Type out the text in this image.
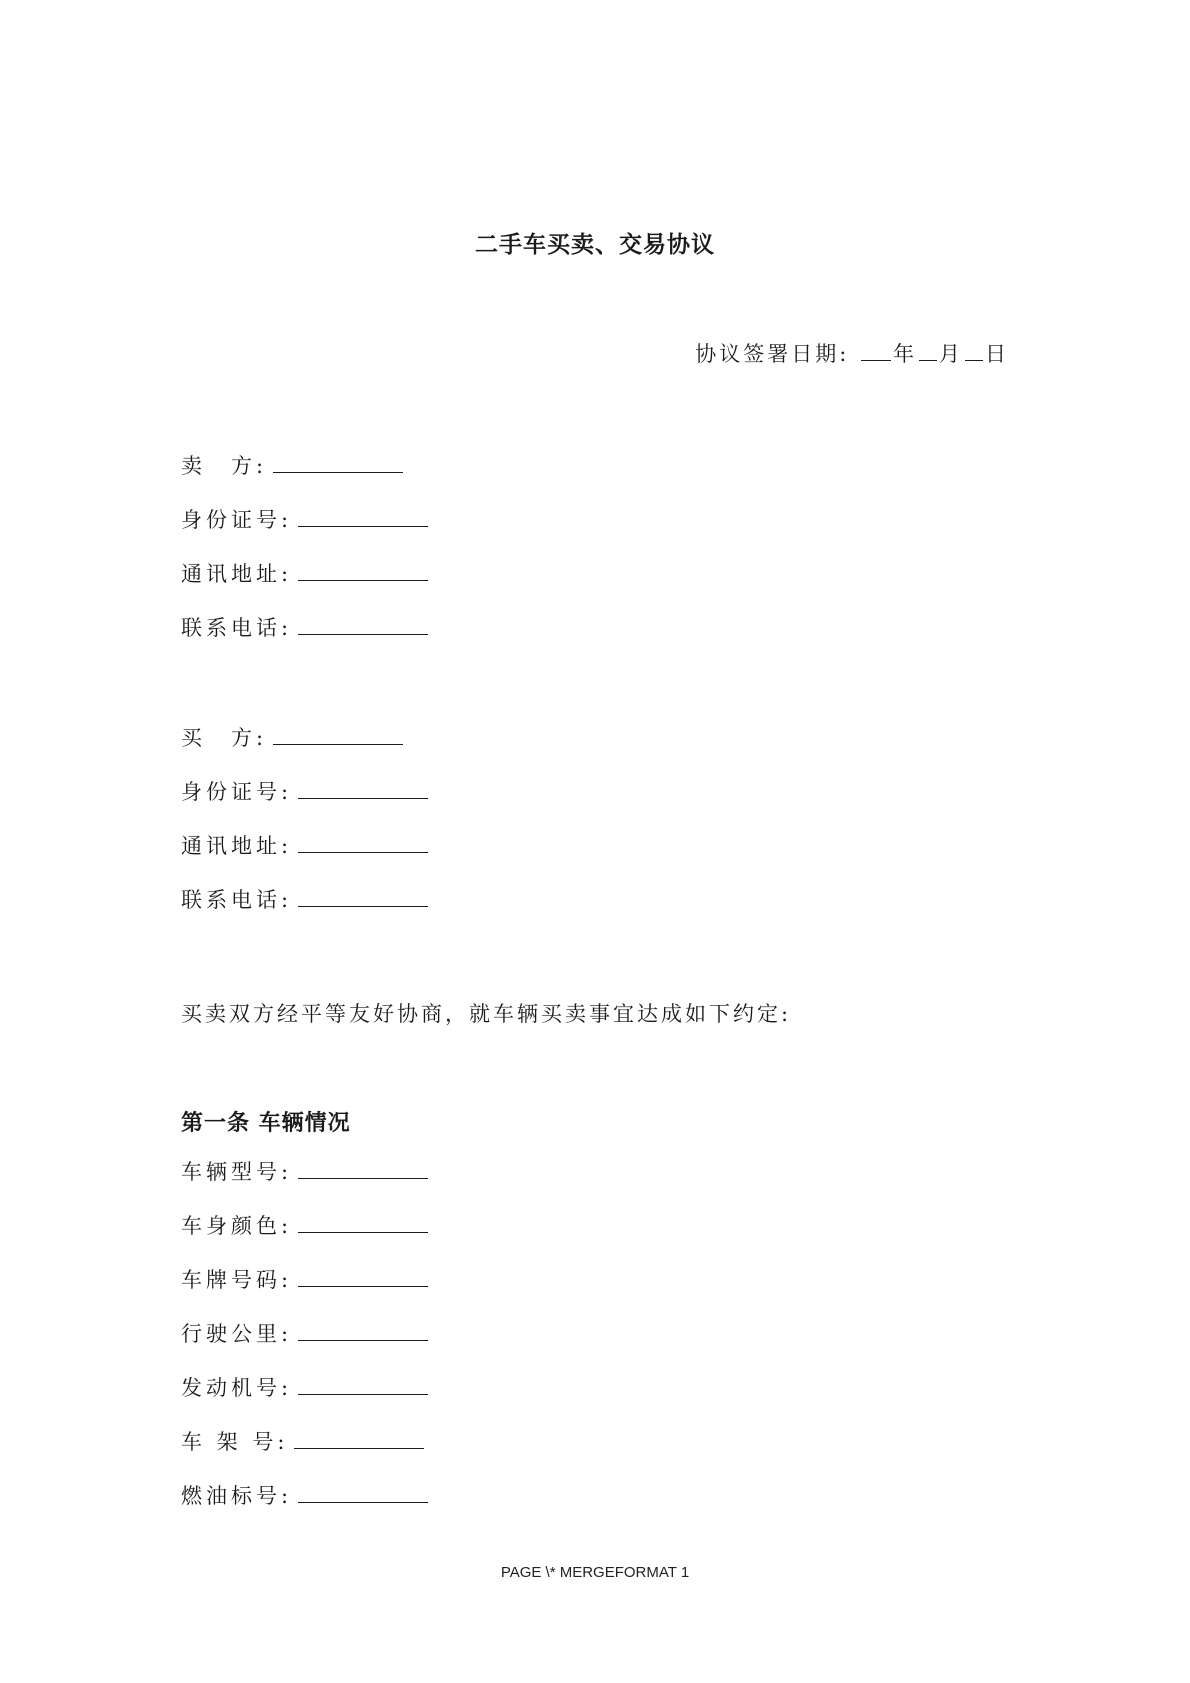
二手车买卖、交易协议
协议签署日期: 年 月 日
卖　方:
身份证号:
通讯地址:
联系电话:
买　方:
身份证号:
通讯地址:
联系电话:
买卖双方经平等友好协商，就车辆买卖事宜达成如下约定:
第一条 车辆情况
车辆型号:
车身颜色:
车牌号码:
行驶公里:
发动机号:
车 架 号:
燃油标号:
PAGE \* MERGEFORMAT 1
